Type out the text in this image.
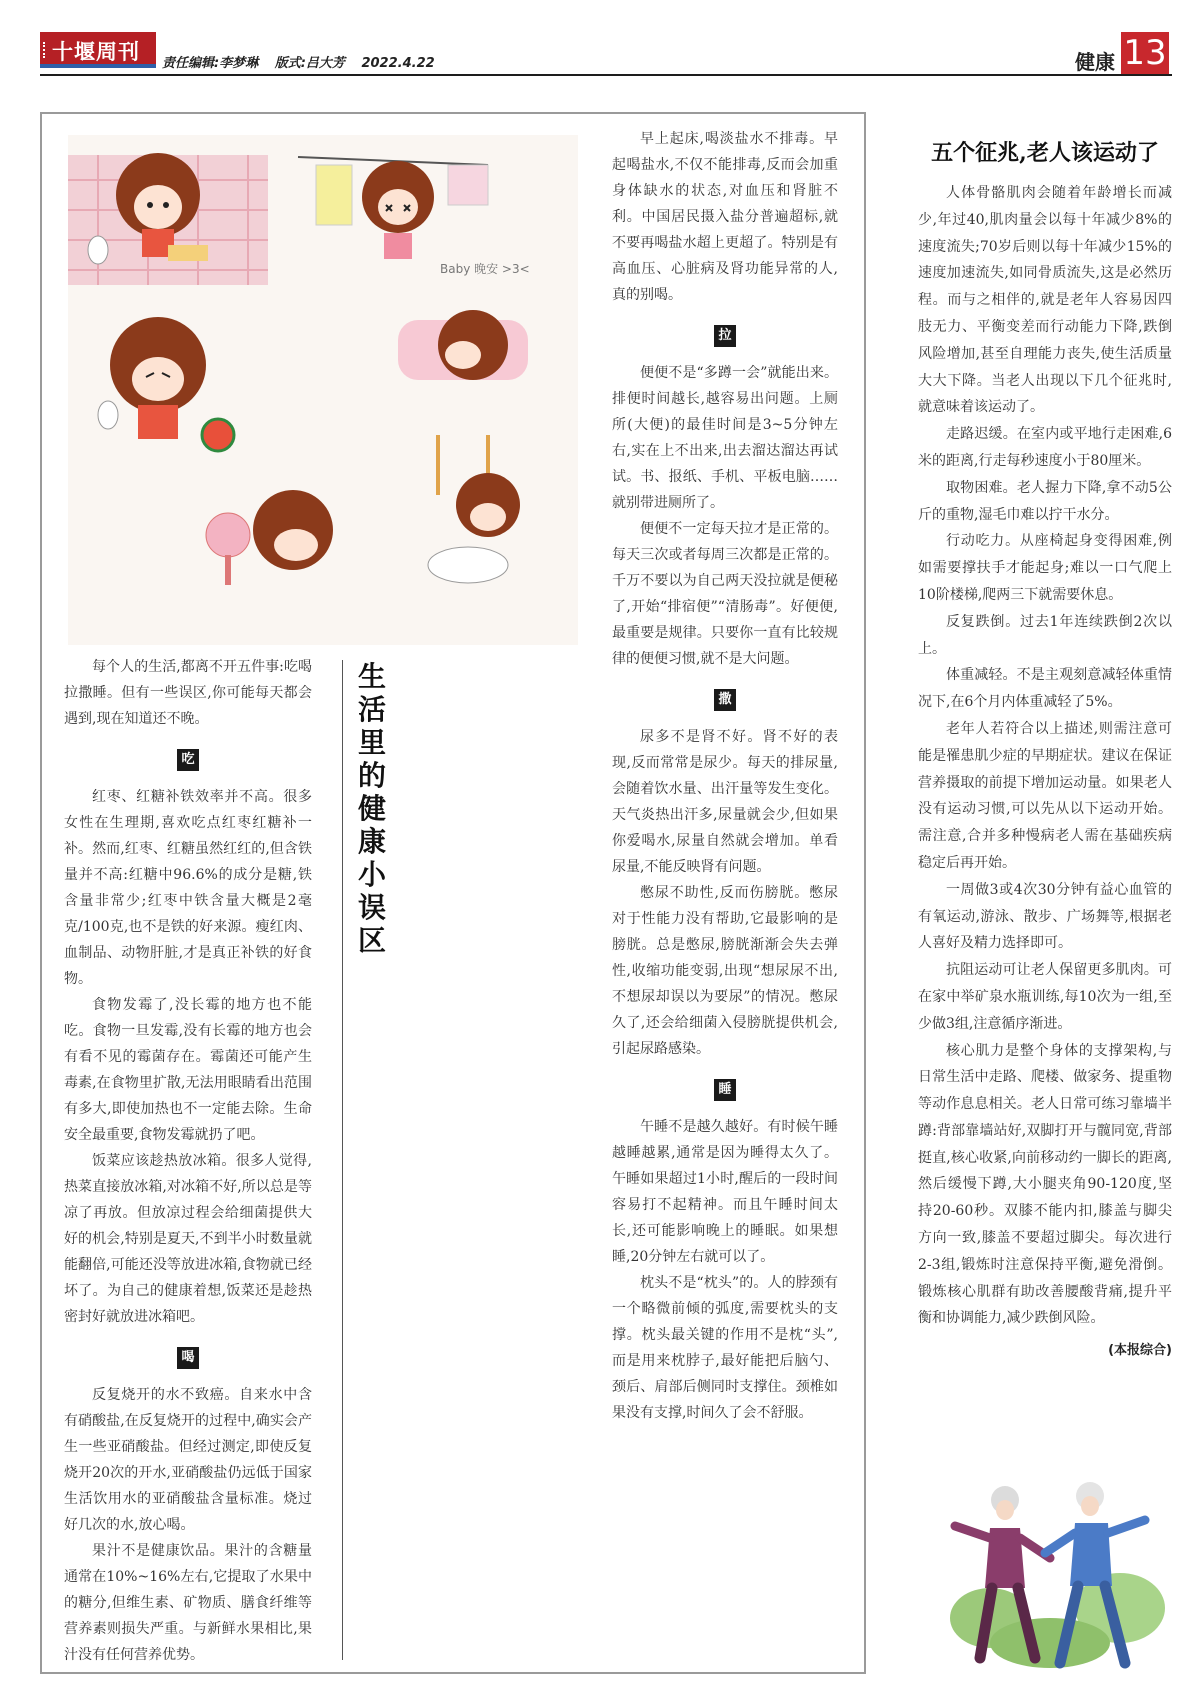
十堰周刊 责任编辑:李梦琳 版式:吕大芳 2022.4.22	健康 13
Baby 晚安 >3<
生活里的健康小误区

每个人的生活,都离不开五件事:吃喝拉撒睡。但有一些误区,你可能每天都会遇到,现在知道还不晚。

吃

红枣、红糖补铁效率并不高。很多女性在生理期,喜欢吃点红枣红糖补一补。然而,红枣、红糖虽然红红的,但含铁量并不高:红糖中96.6%的成分是糖,铁含量非常少;红枣中铁含量大概是2毫克/100克,也不是铁的好来源。瘦红肉、血制品、动物肝脏,才是真正补铁的好食物。

食物发霉了,没长霉的地方也不能吃。食物一旦发霉,没有长霉的地方也会有看不见的霉菌存在。霉菌还可能产生毒素,在食物里扩散,无法用眼睛看出范围有多大,即使加热也不一定能去除。生命安全最重要,食物发霉就扔了吧。

饭菜应该趁热放冰箱。很多人觉得,热菜直接放冰箱,对冰箱不好,所以总是等凉了再放。但放凉过程会给细菌提供大好的机会,特别是夏天,不到半小时数量就能翻倍,可能还没等放进冰箱,食物就已经坏了。为自己的健康着想,饭菜还是趁热密封好就放进冰箱吧。

喝

反复烧开的水不致癌。自来水中含有硝酸盐,在反复烧开的过程中,确实会产生一些亚硝酸盐。但经过测定,即使反复烧开20次的开水,亚硝酸盐仍远低于国家生活饮用水的亚硝酸盐含量标准。烧过好几次的水,放心喝。

果汁不是健康饮品。果汁的含糖量通常在10%~16%左右,它提取了水果中的糖分,但维生素、矿物质、膳食纤维等营养素则损失严重。与新鲜水果相比,果汁没有任何营养优势。

早上起床,喝淡盐水不排毒。早起喝盐水,不仅不能排毒,反而会加重身体缺水的状态,对血压和肾脏不利。中国居民摄入盐分普遍超标,就不要再喝盐水超上更超了。特别是有高血压、心脏病及肾功能异常的人,真的别喝。

拉

便便不是“多蹲一会”就能出来。排便时间越长,越容易出问题。上厕所(大便)的最佳时间是3~5分钟左右,实在上不出来,出去溜达溜达再试试。书、报纸、手机、平板电脑……就别带进厕所了。

便便不一定每天拉才是正常的。每天三次或者每周三次都是正常的。千万不要以为自己两天没拉就是便秘了,开始“排宿便”“清肠毒”。好便便,最重要是规律。只要你一直有比较规律的便便习惯,就不是大问题。

撒

尿多不是肾不好。肾不好的表现,反而常常是尿少。每天的排尿量,会随着饮水量、出汗量等发生变化。天气炎热出汗多,尿量就会少,但如果你爱喝水,尿量自然就会增加。单看尿量,不能反映肾有问题。

憋尿不助性,反而伤膀胱。憋尿对于性能力没有帮助,它最影响的是膀胱。总是憋尿,膀胱渐渐会失去弹性,收缩功能变弱,出现“想尿尿不出,不想尿却误以为要尿”的情况。憋尿久了,还会给细菌入侵膀胱提供机会,引起尿路感染。

睡

午睡不是越久越好。有时候午睡越睡越累,通常是因为睡得太久了。午睡如果超过1小时,醒后的一段时间容易打不起精神。而且午睡时间太长,还可能影响晚上的睡眠。如果想睡,20分钟左右就可以了。

枕头不是“枕头”的。人的脖颈有一个略微前倾的弧度,需要枕头的支撑。枕头最关键的作用不是枕“头”,而是用来枕脖子,最好能把后脑勺、颈后、肩部后侧同时支撑住。颈椎如果没有支撑,时间久了会不舒服。

五个征兆,老人该运动了

人体骨骼肌肉会随着年龄增长而减少,年过40,肌肉量会以每十年减少8%的速度流失;70岁后则以每十年减少15%的速度加速流失,如同骨质流失,这是必然历程。而与之相伴的,就是老年人容易因四肢无力、平衡变差而行动能力下降,跌倒风险增加,甚至自理能力丧失,使生活质量大大下降。当老人出现以下几个征兆时,就意味着该运动了。

走路迟缓。在室内或平地行走困难,6米的距离,行走每秒速度小于80厘米。

取物困难。老人握力下降,拿不动5公斤的重物,湿毛巾难以拧干水分。

行动吃力。从座椅起身变得困难,例如需要撑扶手才能起身;难以一口气爬上10阶楼梯,爬两三下就需要休息。

反复跌倒。过去1年连续跌倒2次以上。

体重减轻。不是主观刻意减轻体重情况下,在6个月内体重减轻了5%。

老年人若符合以上描述,则需注意可能是罹患肌少症的早期症状。建议在保证营养摄取的前提下增加运动量。如果老人没有运动习惯,可以先从以下运动开始。需注意,合并多种慢病老人需在基础疾病稳定后再开始。

一周做3或4次30分钟有益心血管的有氧运动,游泳、散步、广场舞等,根据老人喜好及精力选择即可。

抗阻运动可让老人保留更多肌肉。可在家中举矿泉水瓶训练,每10次为一组,至少做3组,注意循序渐进。

核心肌力是整个身体的支撑架构,与日常生活中走路、爬楼、做家务、提重物等动作息息相关。老人日常可练习靠墙半蹲:背部靠墙站好,双脚打开与髋同宽,背部挺直,核心收紧,向前移动约一脚长的距离,然后缓慢下蹲,大小腿夹角90-120度,坚持20-60秒。双膝不能内扣,膝盖与脚尖方向一致,膝盖不要超过脚尖。每次进行2-3组,锻炼时注意保持平衡,避免滑倒。锻炼核心肌群有助改善腰酸背痛,提升平衡和协调能力,减少跌倒风险。

(本报综合)
